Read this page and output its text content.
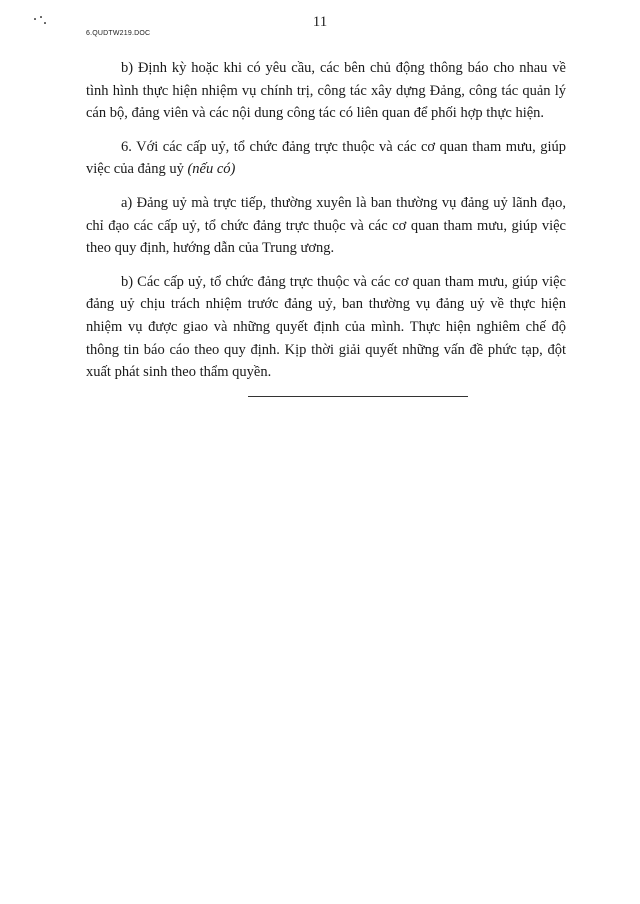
6.QUDTW219.DOC
11

b) Định kỳ hoặc khi có yêu cầu, các bên chủ động thông báo cho nhau về tình hình thực hiện nhiệm vụ chính trị, công tác xây dựng Đảng, công tác quản lý cán bộ, đảng viên và các nội dung công tác có liên quan để phối hợp thực hiện.

6. Với các cấp uỷ, tổ chức đảng trực thuộc và các cơ quan tham mưu, giúp việc của đảng uỷ (nếu có)

a) Đảng uỷ mà trực tiếp, thường xuyên là ban thường vụ đảng uỷ lãnh đạo, chỉ đạo các cấp uỷ, tổ chức đảng trực thuộc và các cơ quan tham mưu, giúp việc theo quy định, hướng dẫn của Trung ương.

b) Các cấp uỷ, tổ chức đảng trực thuộc và các cơ quan tham mưu, giúp việc đảng uỷ chịu trách nhiệm trước đảng uỷ, ban thường vụ đảng uỷ về thực hiện nhiệm vụ được giao và những quyết định của mình. Thực hiện nghiêm chế độ thông tin báo cáo theo quy định. Kịp thời giải quyết những vấn đề phức tạp, đột xuất phát sinh theo thẩm quyền.
